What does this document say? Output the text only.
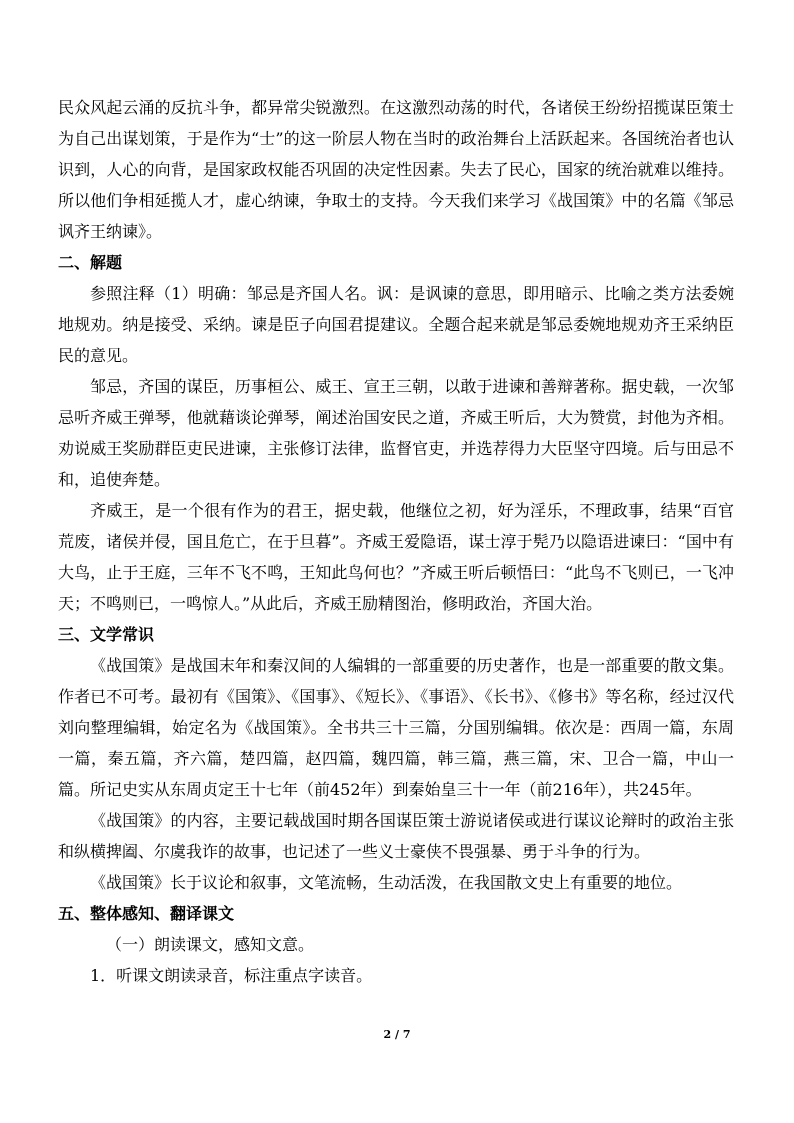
民众风起云涌的反抗斗争，都异常尖锐激烈。在这激烈动荡的时代，各诸侯王纷纷招揽谋臣策士为自己出谋划策，于是作为“士”的这一阶层人物在当时的政治舞台上活跃起来。各国统治者也认识到，人心的向背，是国家政权能否巩固的决定性因素。失去了民心，国家的统治就难以维持。所以他们争相延揽人才，虚心纳谏，争取士的支持。今天我们来学习《战国策》中的名篇《邹忌讽齐王纳谏》。

二、解题

参照注释（1）明确：邹忌是齐国人名。讽：是讽谏的意思，即用暗示、比喻之类方法委婉地规劝。纳是接受、采纳。谏是臣子向国君提建议。全题合起来就是邹忌委婉地规劝齐王采纳臣民的意见。

邹忌，齐国的谋臣，历事桓公、威王、宣王三朝，以敢于进谏和善辩著称。据史载，一次邹忌听齐威王弹琴，他就藉谈论弹琴，阐述治国安民之道，齐威王听后，大为赞赏，封他为齐相。劝说威王奖励群臣吏民进谏，主张修订法律，监督官吏，并选荐得力大臣坚守四境。后与田忌不和，追使奔楚。

齐威王，是一个很有作为的君王，据史载，他继位之初，好为淫乐，不理政事，结果“百官荒废，诸侯并侵，国且危亡，在于旦暮”。齐威王爱隐语，谋士淳于髡乃以隐语进谏曰：“国中有大鸟，止于王庭，三年不飞不鸣，王知此鸟何也？”齐威王听后顿悟曰：“此鸟不飞则已，一飞冲天；不鸣则已，一鸣惊人。”从此后，齐威王励精图治，修明政治，齐国大治。

三、文学常识

《战国策》是战国末年和秦汉间的人编辑的一部重要的历史著作，也是一部重要的散文集。作者已不可考。最初有《国策》、《国事》、《短长》、《事语》、《长书》、《修书》等名称，经过汉代刘向整理编辑，始定名为《战国策》。全书共三十三篇，分国别编辑。依次是：西周一篇，东周一篇，秦五篇，齐六篇，楚四篇，赵四篇，魏四篇，韩三篇，燕三篇，宋、卫合一篇，中山一篇。所记史实从东周贞定王十七年（前452年）到秦始皇三十一年（前216年），共245年。

《战国策》的内容，主要记载战国时期各国谋臣策士游说诸侯或进行谋议论辩时的政治主张和纵横捭阖、尔虞我诈的故事，也记述了一些义士豪侠不畏强暴、勇于斗争的行为。

《战国策》长于议论和叙事，文笔流畅，生动活泼，在我国散文史上有重要的地位。

五、整体感知、翻译课文

（一）朗读课文，感知文意。

1．听课文朗读录音，标注重点字读音。

2 / 7
